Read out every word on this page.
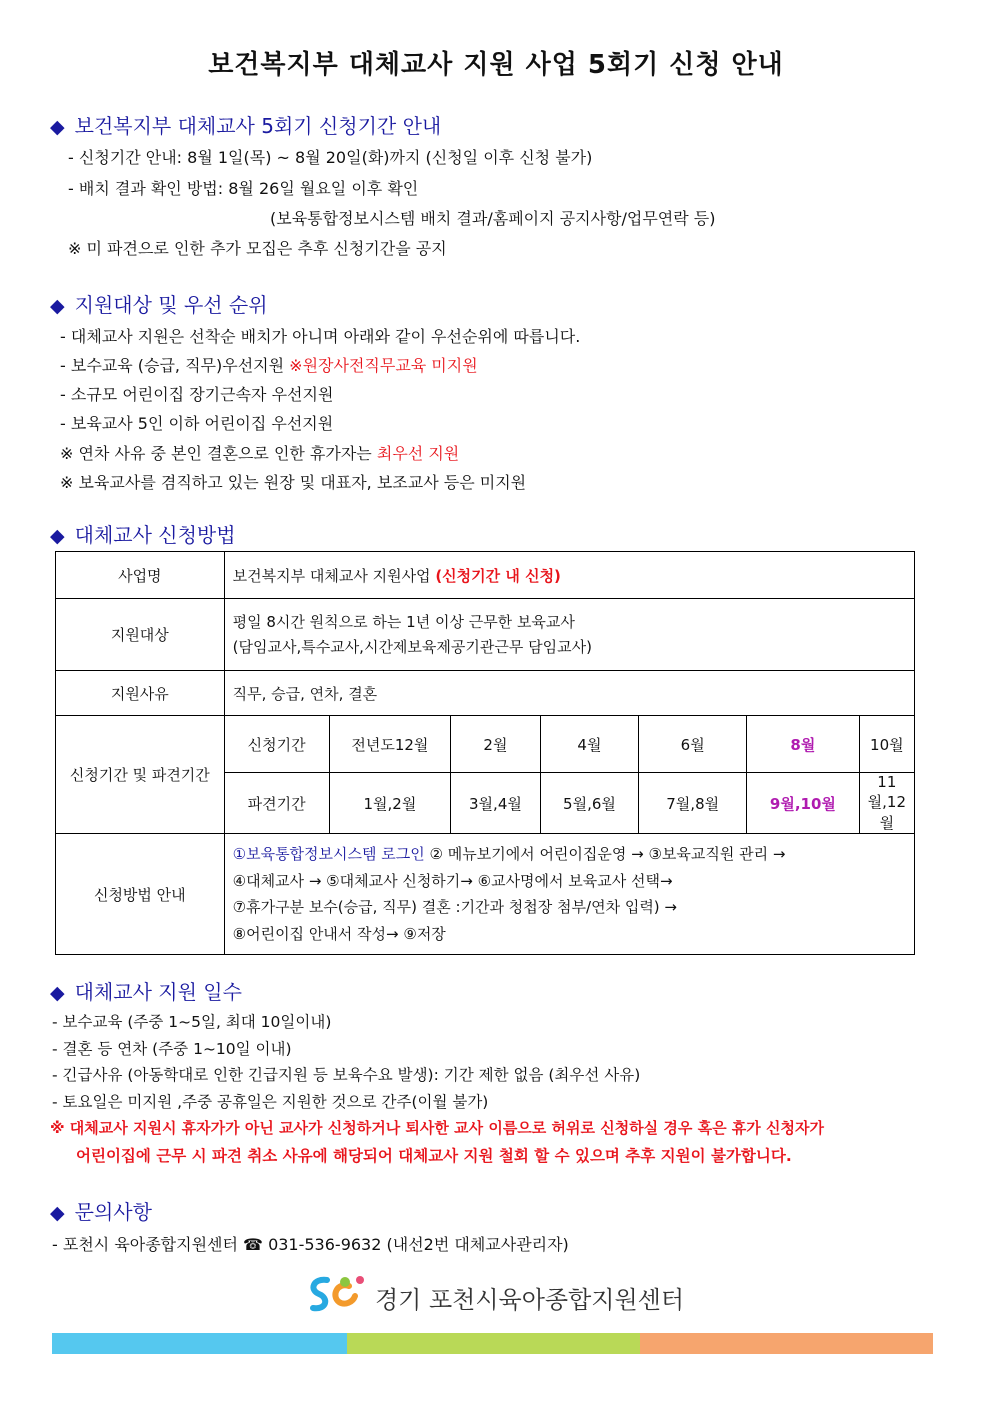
보건복지부 대체교사 지원 사업 5회기 신청 안내
◆ 보건복지부 대체교사 5회기 신청기간 안내
- 신청기간 안내: 8월 1일(목) ~ 8월 20일(화)까지 (신청일 이후 신청 불가)
- 배치 결과 확인 방법: 8월 26일 월요일 이후 확인
(보육통합정보시스템 배치 결과/홈페이지 공지사항/업무연락 등)
※ 미 파견으로 인한 추가 모집은 추후 신청기간을 공지
◆ 지원대상 및 우선 순위
- 대체교사 지원은 선착순 배치가 아니며 아래와 같이 우선순위에 따릅니다.
- 보수교육 (승급, 직무)우선지원 ※원장사전직무교육 미지원
- 소규모 어린이집 장기근속자 우선지원
- 보육교사 5인 이하 어린이집 우선지원
※ 연차 사유 중 본인 결혼으로 인한 휴가자는 최우선 지원
※ 보육교사를 겸직하고 있는 원장 및 대표자, 보조교사 등은 미지원
◆ 대체교사 신청방법
사업명	보건복지부 대체교사 지원사업 (신청기간 내 신청)						
지원대상	평일 8시간 원칙으로 하는 1년 이상 근무한 보육교사
(담임교사,특수교사,시간제보육제공기관근무 담임교사)						

지원사유	직무, 승급, 연차, 결혼						
신청기간 및 파견기간	신청기간	전년도12월	2월	4월	6월	8월	10월
	파견기간	1월,2월	3월,4월	5월,6월	7월,8월	9월,10월	11월,12월
신청방법 안내	①보육통합정보시스템 로그인 ② 메뉴보기에서 어린이집운영 → ③보육교직원 관리 →
④대체교사 → ⑤대체교사 신청하기→ ⑥교사명에서 보육교사 선택→
⑦휴가구분 보수(승급, 직무) 결혼 :기간과 청첩장 첨부/연차 입력) →
⑧어린이집 안내서 작성→ ⑨저장						
◆ 대체교사 지원 일수
- 보수교육 (주중 1~5일, 최대 10일이내)
- 결혼 등 연차 (주중 1~10일 이내)
- 긴급사유 (아동학대로 인한 긴급지원 등 보육수요 발생): 기간 제한 없음 (최우선 사유)
- 토요일은 미지원 ,주중 공휴일은 지원한 것으로 간주(이월 불가)
※ 대체교사 지원시 휴자가가 아닌 교사가 신청하거나 퇴사한 교사 이름으로 허위로 신청하실 경우 혹은 휴가 신청자가
어린이집에 근무 시 파견 취소 사유에 해당되어 대체교사 지원 철회 할 수 있으며 추후 지원이 불가합니다.
◆ 문의사항
- 포천시 육아종합지원센터 ☎ 031-536-9632 (내선2번 대체교사관리자)
경기 포천시육아종합지원센터
